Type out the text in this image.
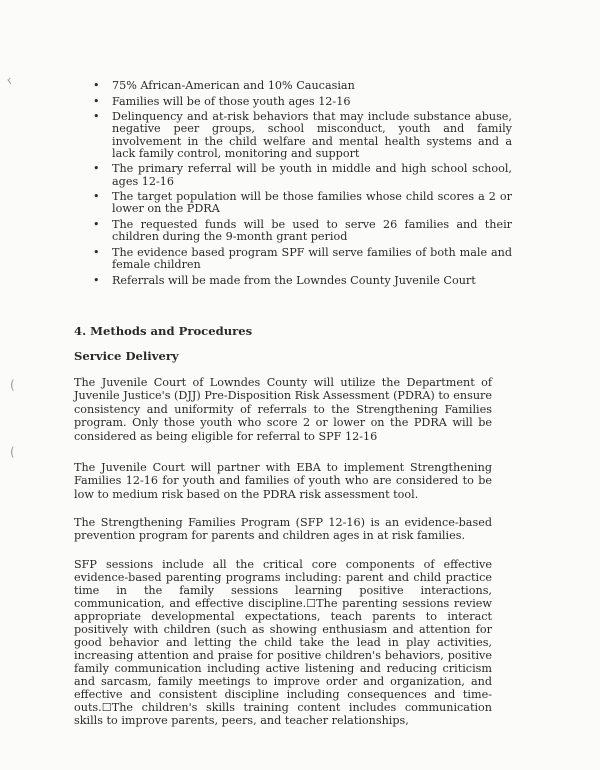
r
(
(
• 75% African-American and 10% Caucasian
• Families will be of those youth ages 12-16
• Delinquency and at-risk behaviors that may include substance abuse, negative peer groups, school misconduct, youth and family involvement in the child welfare and mental health systems and a lack family control, monitoring and support
• The primary referral will be youth in middle and high school school, ages 12-16
• The target population will be those families whose child scores a 2 or lower on the PDRA
• The requested funds will be used to serve 26 families and their children during the 9-month grant period
• The evidence based program SPF will serve families of both male and female children
• Referrals will be made from the Lowndes County Juvenile Court
4. Methods and Procedures
Service Delivery

The Juvenile Court of Lowndes County will utilize the Department of Juvenile Justice's (DJJ) Pre-Disposition Risk Assessment (PDRA) to ensure consistency and uniformity of referrals to the Strengthening Families program. Only those youth who score 2 or lower on the PDRA will be considered as being eligible for referral to SPF 12-16

The Juvenile Court will partner with EBA to implement Strengthening Families 12-16 for youth and families of youth who are considered to be low to medium risk based on the PDRA risk assessment tool.

The Strengthening Families Program (SFP 12-16) is an evidence-based prevention program for parents and children ages in at risk families.

SFP sessions include all the critical core components of effective evidence-based parenting programs including: parent and child practice time in the family sessions learning positive interactions, communication, and effective discipline.☐The parenting sessions review appropriate developmental expectations, teach parents to interact positively with children (such as showing enthusiasm and attention for good behavior and letting the child take the lead in play activities, increasing attention and praise for positive children's behaviors, positive family communication including active listening and reducing criticism and sarcasm, family meetings to improve order and organization, and effective and consistent discipline including consequences and time-outs.☐The children's skills training content includes communication skills to improve parents, peers, and teacher relationships,
